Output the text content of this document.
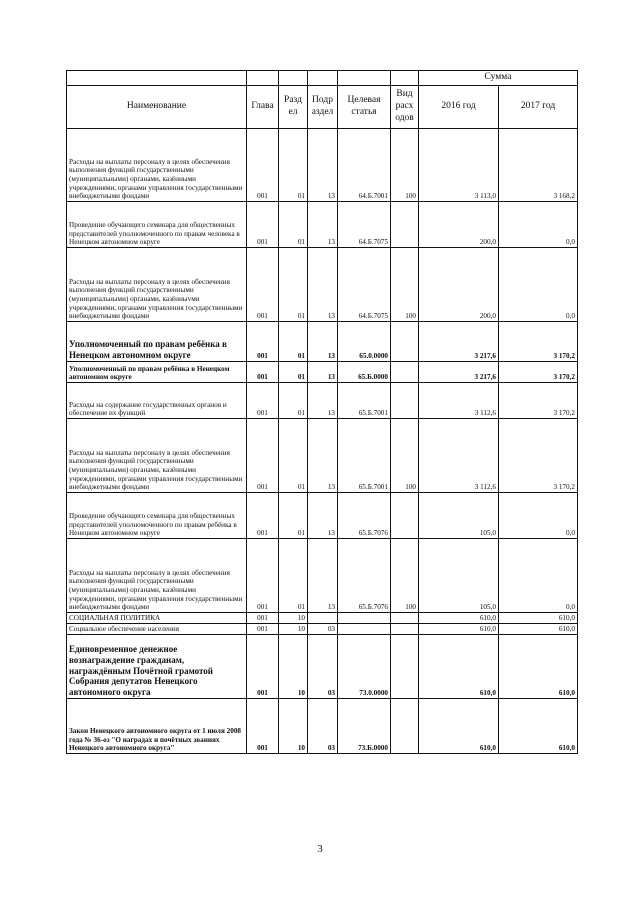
						Сумма	
Наименование	Глава	Разд ел	Подр аздел	Целевая статья	Вид расх одов	2016 год	2017 год
Расходы на выплаты персоналу в целях обеспечения выполнения функций государственными (муниципальными) органами, казёнными учреждениями, органами управления государственными внебюджетными фондами	001	01	13	64.Б.7001	100	3 113,0	3 168,2
Проведение обучающего семинара для общественных представителей уполномоченного по правам человека в Ненецком автономном округе	001	01	13	64.Б.7075		200,0	0,0
Расходы на выплаты персоналу в целях обеспечения выполнения функций государственными (муниципальными) органами, казённыvми учреждениями, органами управления государственными внебюджетными фондами	001	01	13	64.Б.7075	100	200,0	0,0
Уполномоченный по правам ребёнка в Ненецком автономном округе	001	01	13	65.0.0000		3 217,6	3 170,2
Уполномоченный по правам ребёнка в Ненецком автономном округе	001	01	13	65.Б.0000		3 217,6	3 170,2
Расходы на содержание государственных органов и обеспечение их функций	001	01	13	65.Б.7001		3 112,6	3 170,2
Расходы на выплаты персоналу в целях обеспечения выполнения функций государственными (муниципальными) органами, казёнными учреждениями, органами управления государственными внебюджетными фондами	001	01	13	65.Б.7001	100	3 112,6	3 170,2
Проведение обучающего семинара для общественных представителей уполномоченного по правам ребёнка в Ненецком автономном округе	001	01	13	65.Б.7076		105,0	0,0
Расходы на выплаты персоналу в целях обеспечения выполнения функций государственными (муниципальными) органами, казёнными учреждениями, органами управления государственными внебюджетными фондами	001	01	13	65.Б.7076	100	105,0	0,0
СОЦИАЛЬНАЯ ПОЛИТИКА	001	10				610,0	610,0
Социальное обеспечение населения	001	10	03			610,0	610,0
Единовременное денежное вознаграждение гражданам, награждённым Почётной грамотой Собрания депутатов Ненецкого автономного округа	001	10	03	73.0.0000		610,0	610,0
Закон Ненецкого автономного округа от 1 июля 2008 года № 36-оз "О наградах и почётных званиях Ненецкого автономного округа"	001	10	03	73.Б.0000		610,0	610,0
3
